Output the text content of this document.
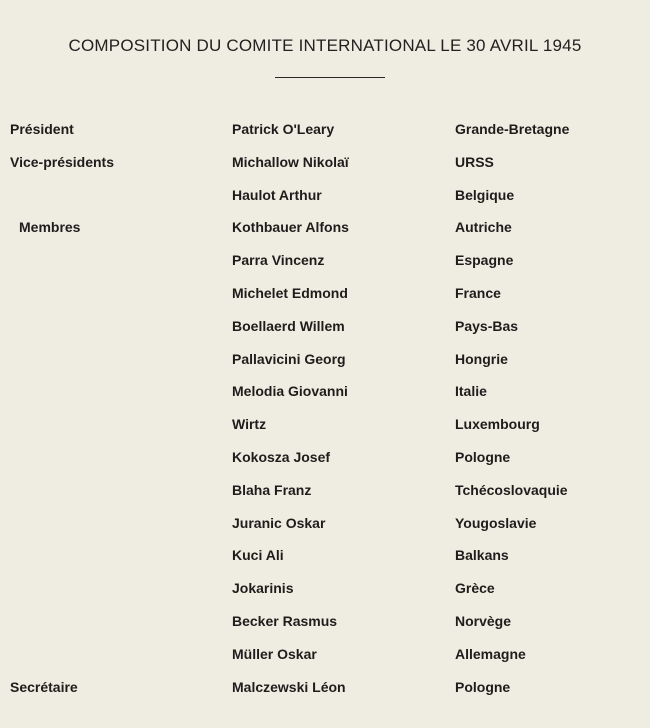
COMPOSITION DU COMITE INTERNATIONAL LE 30 AVRIL 1945
Président	Patrick O'Leary	Grande-Bretagne
Vice-présidents	Michallow Nikolaï	URSS
Haulot Arthur	Belgique
Membres	Kothbauer Alfons	Autriche
Parra Vincenz	Espagne
Michelet Edmond	France
Boellaerd Willem	Pays-Bas
Pallavicini Georg	Hongrie
Melodia Giovanni	Italie
Wirtz	Luxembourg
Kokosza Josef	Pologne
Blaha Franz	Tchécoslovaquie
Juranic Oskar	Yougoslavie
Kuci Ali	Balkans
Jokarinis	Grèce
Becker Rasmus	Norvège
Müller Oskar	Allemagne
Secrétaire	Malczewski Léon	Pologne
